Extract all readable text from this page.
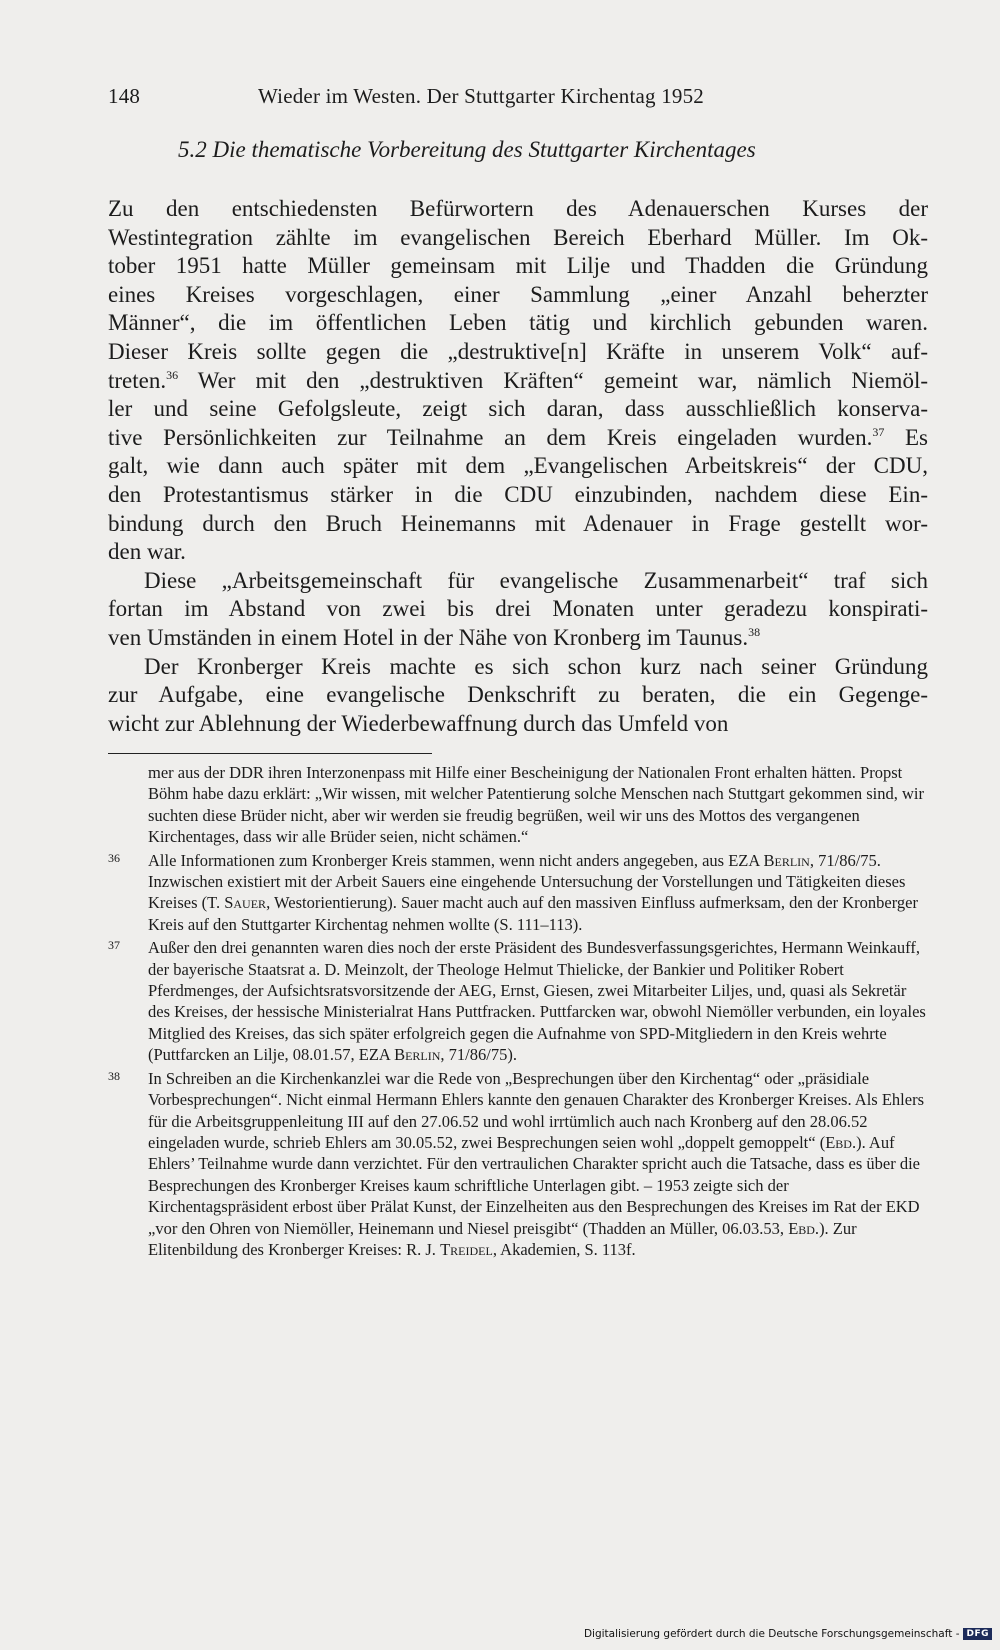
148	Wieder im Westen. Der Stuttgarter Kirchentag 1952
5.2 Die thematische Vorbereitung des Stuttgarter Kirchentages
Zu den entschiedensten Befürwortern des Adenauerschen Kurses der
Westintegration zählte im evangelischen Bereich Eberhard Müller. Im Ok-
tober 1951 hatte Müller gemeinsam mit Lilje und Thadden die Gründung
eines Kreises vorgeschlagen, einer Sammlung „einer Anzahl beherzter
Männer“, die im öffentlichen Leben tätig und kirchlich gebunden waren.
Dieser Kreis sollte gegen die „destruktive[n] Kräfte in unserem Volk“ auf-
treten.$^{36}$ Wer mit den „destruktiven Kräften“ gemeint war, nämlich Niemöl-
ler und seine Gefolgsleute, zeigt sich daran, dass ausschließlich konserva-
tive Persönlichkeiten zur Teilnahme an dem Kreis eingeladen wurden.$^{37}$ Es
galt, wie dann auch später mit dem „Evangelischen Arbeitskreis“ der CDU,
den Protestantismus stärker in die CDU einzubinden, nachdem diese Ein-
bindung durch den Bruch Heinemanns mit Adenauer in Frage gestellt wor-
den war.
Diese „Arbeitsgemeinschaft für evangelische Zusammenarbeit“ traf sich
fortan im Abstand von zwei bis drei Monaten unter geradezu konspirati-
ven Umständen in einem Hotel in der Nähe von Kronberg im Taunus.$^{38}$
Der Kronberger Kreis machte es sich schon kurz nach seiner Gründung
zur Aufgabe, eine evangelische Denkschrift zu beraten, die ein Gegenge-
wicht zur Ablehnung der Wiederbewaffnung durch das Umfeld von
mer aus der DDR ihren Interzonenpass mit Hilfe einer Bescheinigung der Nationalen Front erhalten hätten. Propst Böhm habe dazu erklärt: „Wir wissen, mit welcher Patentierung solche Menschen nach Stuttgart gekommen sind, wir suchten diese Brüder nicht, aber wir werden sie freudig begrüßen, weil wir uns des Mottos des vergangenen Kirchentages, dass wir alle Brüder seien, nicht schämen.“
36 Alle Informationen zum Kronberger Kreis stammen, wenn nicht anders angegeben, aus EZA Berlin, 71/86/75. Inzwischen existiert mit der Arbeit Sauers eine eingehende Untersuchung der Vorstellungen und Tätigkeiten dieses Kreises (T. Sauer, Westorientierung). Sauer macht auch auf den massiven Einfluss aufmerksam, den der Kronberger Kreis auf den Stuttgarter Kirchentag nehmen wollte (S. 111–113).
37 Außer den drei genannten waren dies noch der erste Präsident des Bundesverfassungsgerichtes, Hermann Weinkauff, der bayerische Staatsrat a. D. Meinzolt, der Theologe Helmut Thielicke, der Bankier und Politiker Robert Pferdmenges, der Aufsichtsratsvorsitzende der AEG, Ernst, Giesen, zwei Mitarbeiter Liljes, und, quasi als Sekretär des Kreises, der hessische Ministerialrat Hans Puttfracken. Puttfarcken war, obwohl Niemöller verbunden, ein loyales Mitglied des Kreises, das sich später erfolgreich gegen die Aufnahme von SPD-Mitgliedern in den Kreis wehrte (Puttfarcken an Lilje, 08.01.57, EZA Berlin, 71/86/75).
38 In Schreiben an die Kirchenkanzlei war die Rede von „Besprechungen über den Kirchentag“ oder „präsidiale Vorbesprechungen“. Nicht einmal Hermann Ehlers kannte den genauen Charakter des Kronberger Kreises. Als Ehlers für die Arbeitsgruppenleitung III auf den 27.06.52 und wohl irrtümlich auch nach Kronberg auf den 28.06.52 eingeladen wurde, schrieb Ehlers am 30.05.52, zwei Besprechungen seien wohl „doppelt gemoppelt“ (Ebd.). Auf Ehlers’ Teilnahme wurde dann verzichtet. Für den vertraulichen Charakter spricht auch die Tatsache, dass es über die Besprechungen des Kronberger Kreises kaum schriftliche Unterlagen gibt. – 1953 zeigte sich der Kirchentagspräsident erbost über Prälat Kunst, der Einzelheiten aus den Besprechungen des Kreises im Rat der EKD „vor den Ohren von Niemöller, Heinemann und Niesel preisgibt“ (Thadden an Müller, 06.03.53, Ebd.). Zur Elitenbildung des Kronberger Kreises: R. J. Treidel, Akademien, S. 113f.
Digitalisierung gefördert durch die Deutsche Forschungsgemeinschaft - DFG
